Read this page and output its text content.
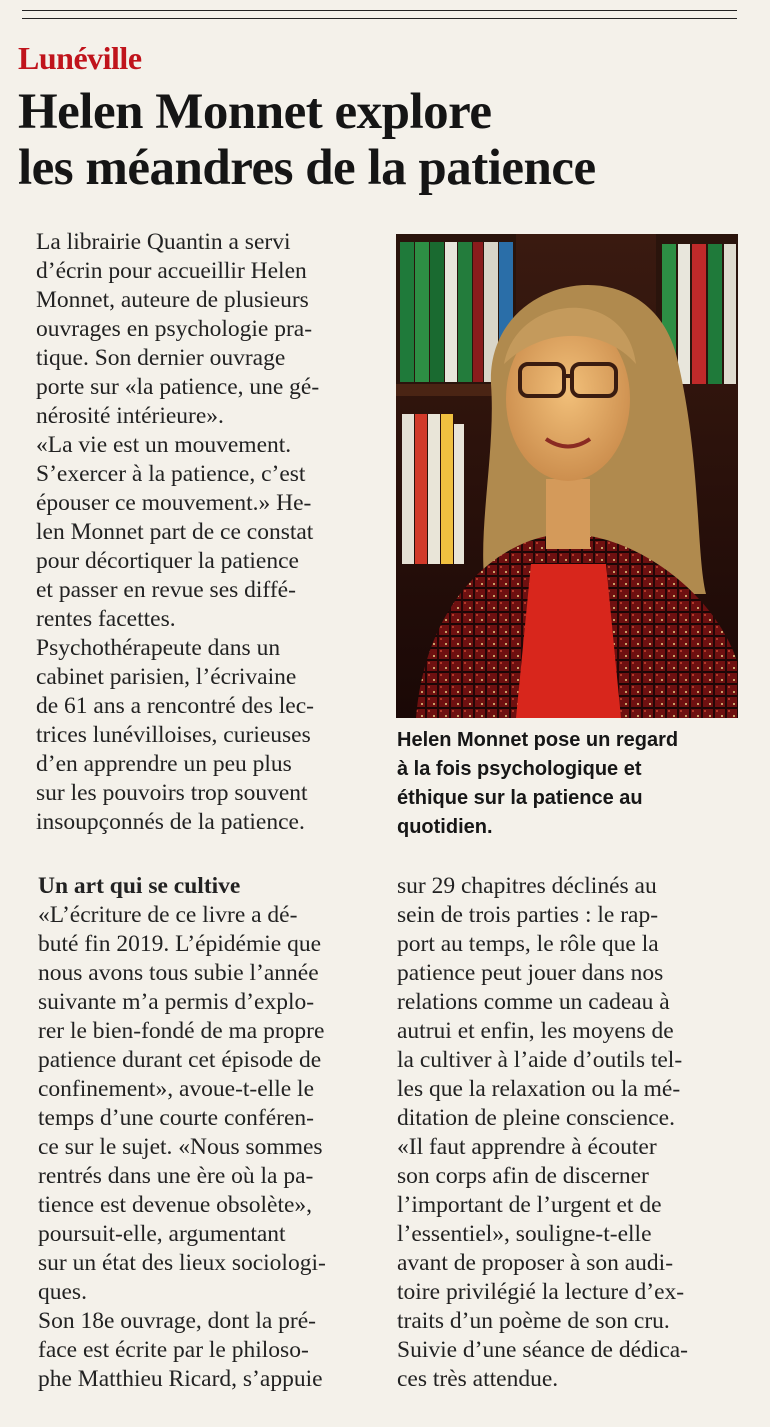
Lunéville
Helen Monnet explore
les méandres de la patience
La librairie Quantin a servi
d’écrin pour accueillir Helen
Monnet, auteure de plusieurs
ouvrages en psychologie pra-
tique. Son dernier ouvrage
porte sur «la patience, une gé-
nérosité intérieure».
«La vie est un mouvement.
S’exercer à la patience, c’est
épouser ce mouvement.» He-
len Monnet part de ce constat
pour décortiquer la patience
et passer en revue ses diffé-
rentes facettes.
Psychothérapeute dans un
cabinet parisien, l’écrivaine
de 61 ans a rencontré des lec-
trices lunévilloises, curieuses
d’en apprendre un peu plus
sur les pouvoirs trop souvent
insoupçonnés de la patience.
Helen Monnet pose un regard
à la fois psychologique et
éthique sur la patience au
quotidien.
Un art qui se cultive
«L’écriture de ce livre a dé-
buté fin 2019. L’épidémie que
nous avons tous subie l’année
suivante m’a permis d’explo-
rer le bien-fondé de ma propre
patience durant cet épisode de
confinement», avoue-t-elle le
temps d’une courte conféren-
ce sur le sujet. «Nous sommes
rentrés dans une ère où la pa-
tience est devenue obsolète»,
poursuit-elle, argumentant
sur un état des lieux sociologi-
ques.
Son 18e ouvrage, dont la pré-
face est écrite par le philoso-
phe Matthieu Ricard, s’appuie
sur 29 chapitres déclinés au
sein de trois parties : le rap-
port au temps, le rôle que la
patience peut jouer dans nos
relations comme un cadeau à
autrui et enfin, les moyens de
la cultiver à l’aide d’outils tel-
les que la relaxation ou la mé-
ditation de pleine conscience.
«Il faut apprendre à écouter
son corps afin de discerner
l’important de l’urgent et de
l’essentiel», souligne-t-elle
avant de proposer à son audi-
toire privilégié la lecture d’ex-
traits d’un poème de son cru.
Suivie d’une séance de dédica-
ces très attendue.
